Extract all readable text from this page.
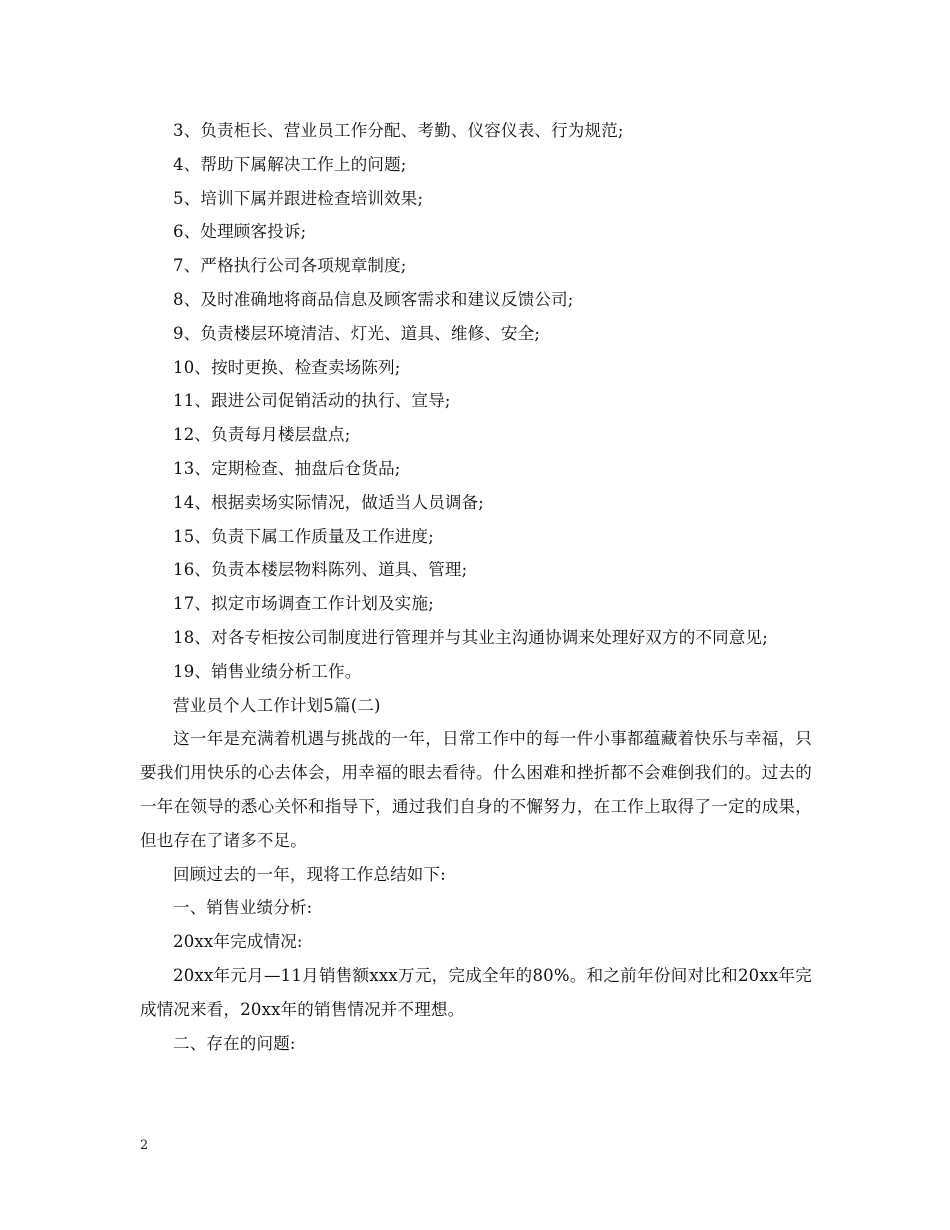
3、负责柜长、营业员工作分配、考勤、仪容仪表、行为规范;

4、帮助下属解决工作上的问题;

5、培训下属并跟进检查培训效果;

6、处理顾客投诉;

7、严格执行公司各项规章制度;

8、及时准确地将商品信息及顾客需求和建议反馈公司;

9、负责楼层环境清洁、灯光、道具、维修、安全;

10、按时更换、检查卖场陈列;

11、跟进公司促销活动的执行、宣导;

12、负责每月楼层盘点;

13、定期检查、抽盘后仓货品;

14、根据卖场实际情况，做适当人员调备;

15、负责下属工作质量及工作进度;

16、负责本楼层物料陈列、道具、管理;

17、拟定市场调查工作计划及实施;

18、对各专柜按公司制度进行管理并与其业主沟通协调来处理好双方的不同意见;

19、销售业绩分析工作。

营业员个人工作计划5篇(二)

这一年是充满着机遇与挑战的一年，日常工作中的每一件小事都蕴藏着快乐与幸福，只要我们用快乐的心去体会，用幸福的眼去看待。什么困难和挫折都不会难倒我们的。过去的一年在领导的悉心关怀和指导下，通过我们自身的不懈努力，在工作上取得了一定的成果，但也存在了诸多不足。

回顾过去的一年，现将工作总结如下:

一、销售业绩分析:

20xx年完成情况:

20xx年元月—11月销售额xxx万元，完成全年的80%。和之前年份间对比和20xx年完成情况来看，20xx年的销售情况并不理想。

二、存在的问题:

2
